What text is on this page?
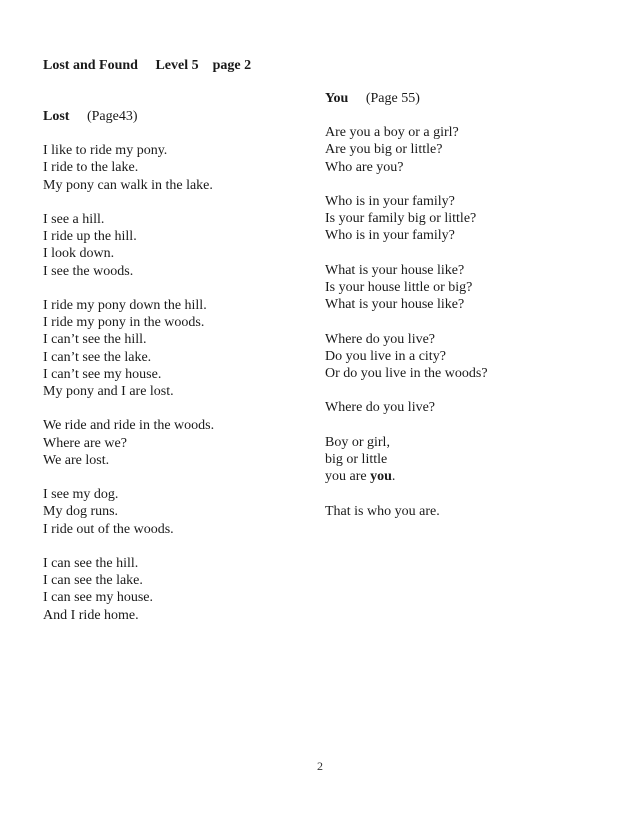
Lost and Found Level 5 page 2
Lost (Page43)
I like to ride my pony.
I ride to the lake.
My pony can walk in the lake.
I see a hill.
I ride up the hill.
I look down.
I see the woods.
I ride my pony down the hill.
I ride my pony in the woods.
I can’t see the hill.
I can’t see the lake.
I can’t see my house.
My pony and I are lost.
We ride and ride in the woods.
Where are we?
We are lost.
I see my dog.
My dog runs.
I ride out of the woods.
I can see the hill.
I can see the lake.
I can see my house.
And I ride home.
You (Page 55)
Are you a boy or a girl?
Are you big or little?
Who are you?
Who is in your family?
Is your family big or little?
Who is in your family?
What is your house like?
Is your house little or big?
What is your house like?
Where do you live?
Do you live in a city?
Or do you live in the woods?
Where do you live?
Boy or girl,
big or little
you are you.
That is who you are.
2
